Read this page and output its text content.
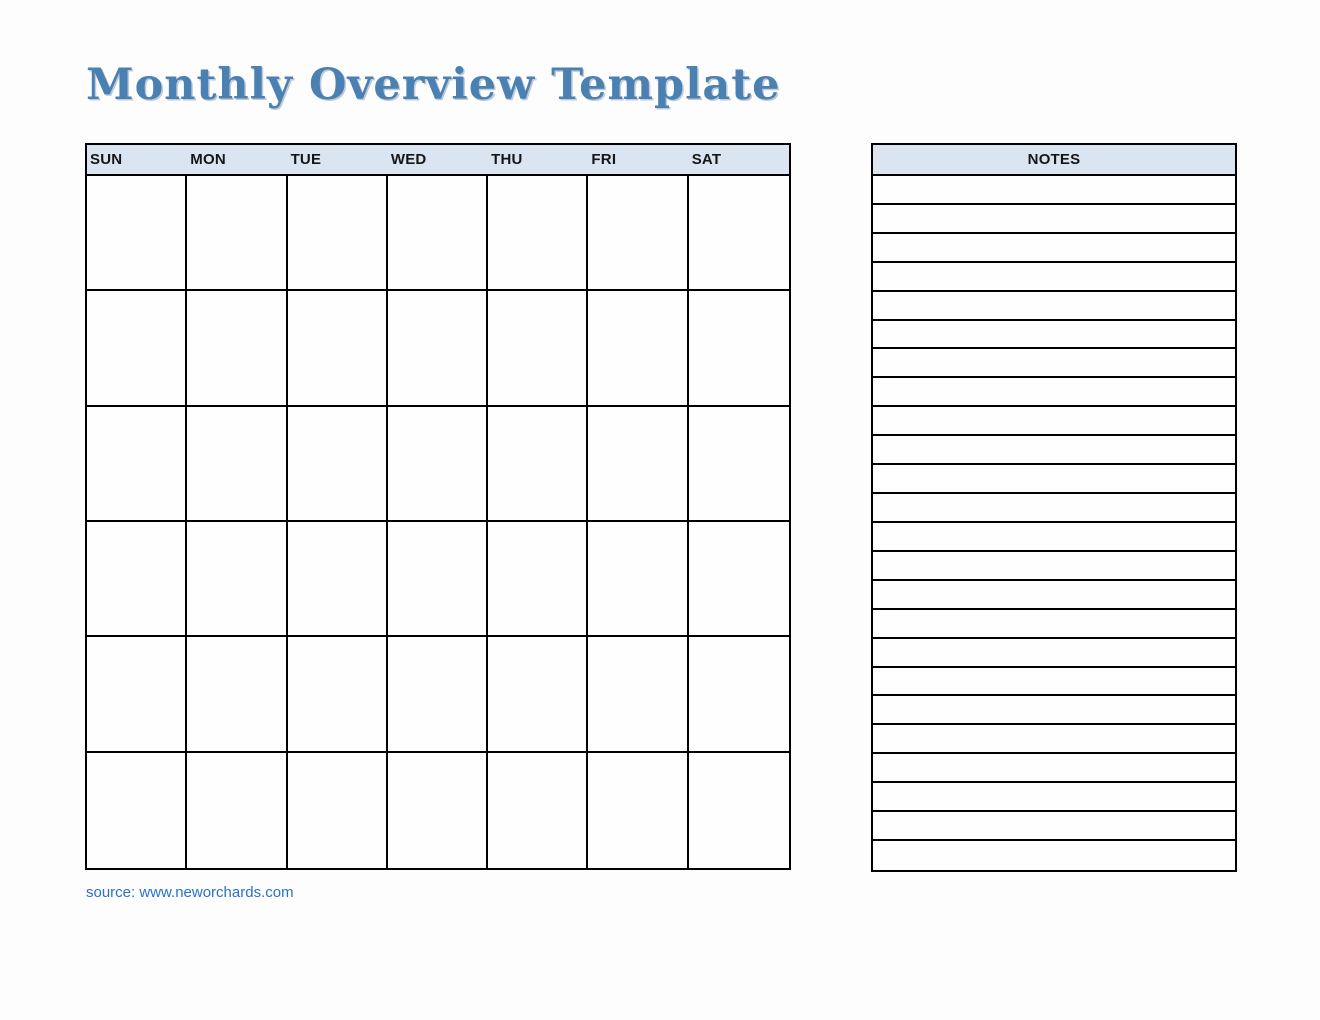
Monthly Overview Template
SUN	MON	TUE	WED	THU	FRI	SAT	NOTES
source: www.neworchards.com
